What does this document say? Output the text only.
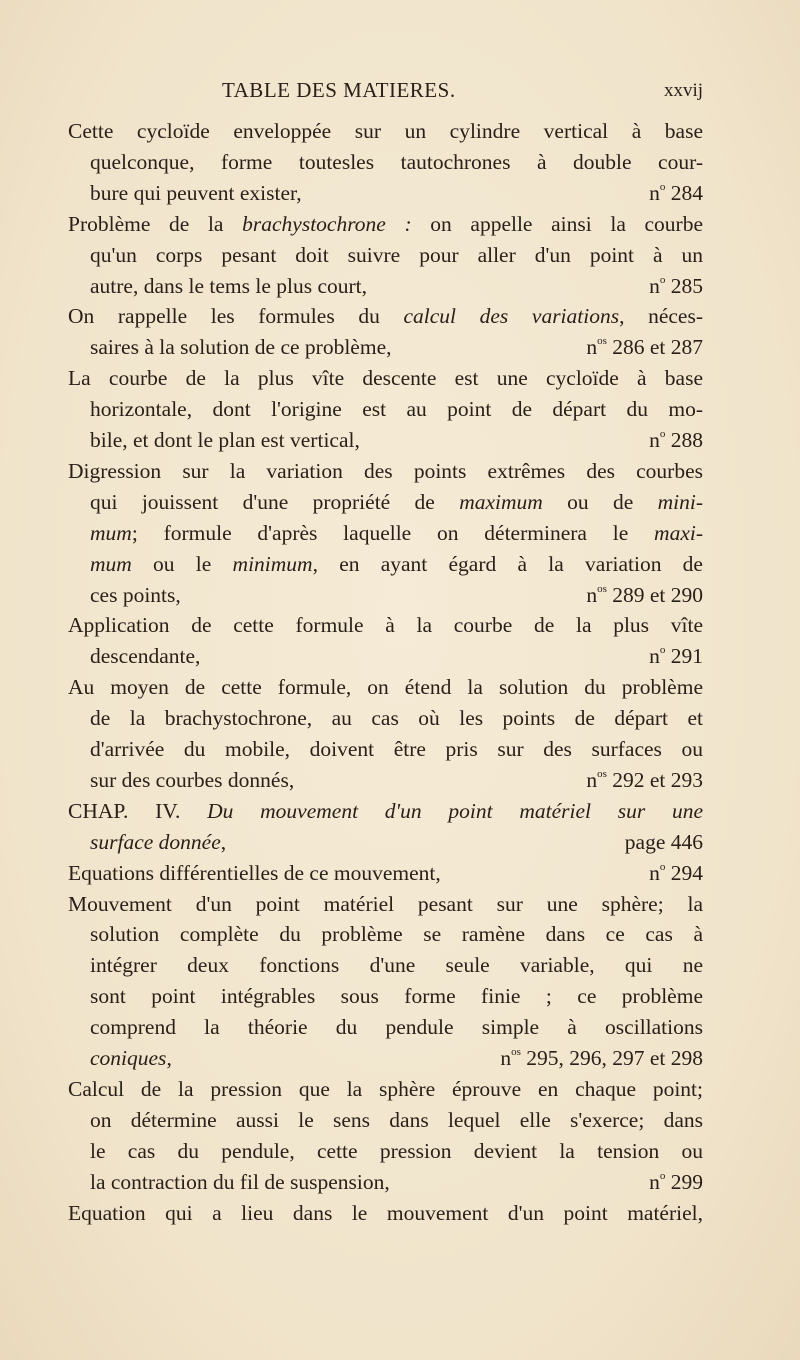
TABLE DES MATIERES.	xxvij
Cette cycloïde enveloppée sur un cylindre vertical à base
quelconque, forme toutesles tautochrones à double cour-
bure qui peuvent exister,	$n^o$ 284
Problème de la brachystochrone : on appelle ainsi la courbe
qu'un corps pesant doit suivre pour aller d'un point à un
autre, dans le tems le plus court,	$n^o$ 285
On rappelle les formules du calcul des variations, néces-
saires à la solution de ce problème,	$n^{os}$ 286 et 287
La courbe de la plus vîte descente est une cycloïde à base
horizontale, dont l'origine est au point de départ du mo-
bile, et dont le plan est vertical,	$n^o$ 288
Digression sur la variation des points extrêmes des courbes
qui jouissent d'une propriété de maximum ou de mini-
mum; formule d'après laquelle on déterminera le maxi-
mum ou le minimum, en ayant égard à la variation de
ces points,	$n^{os}$ 289 et 290
Application de cette formule à la courbe de la plus vîte
descendante,	$n^o$ 291
Au moyen de cette formule, on étend la solution du problème
de la brachystochrone, au cas où les points de départ et
d'arrivée du mobile, doivent être pris sur des surfaces ou
sur des courbes donnés,	$n^{os}$ 292 et 293
CHAP. IV. Du mouvement d'un point matériel sur une
surface donnée,	page 446
Equations différentielles de ce mouvement,	$n^o$ 294
Mouvement d'un point matériel pesant sur une sphère; la
solution complète du problème se ramène dans ce cas à
intégrer deux fonctions d'une seule variable, qui ne
sont point intégrables sous forme finie ; ce problème
comprend la théorie du pendule simple à oscillations
coniques,	$n^{os}$ 295, 296, 297 et 298
Calcul de la pression que la sphère éprouve en chaque point;
on détermine aussi le sens dans lequel elle s'exerce; dans
le cas du pendule, cette pression devient la tension ou
la contraction du fil de suspension,	$n^o$ 299
Equation qui a lieu dans le mouvement d'un point matériel,
